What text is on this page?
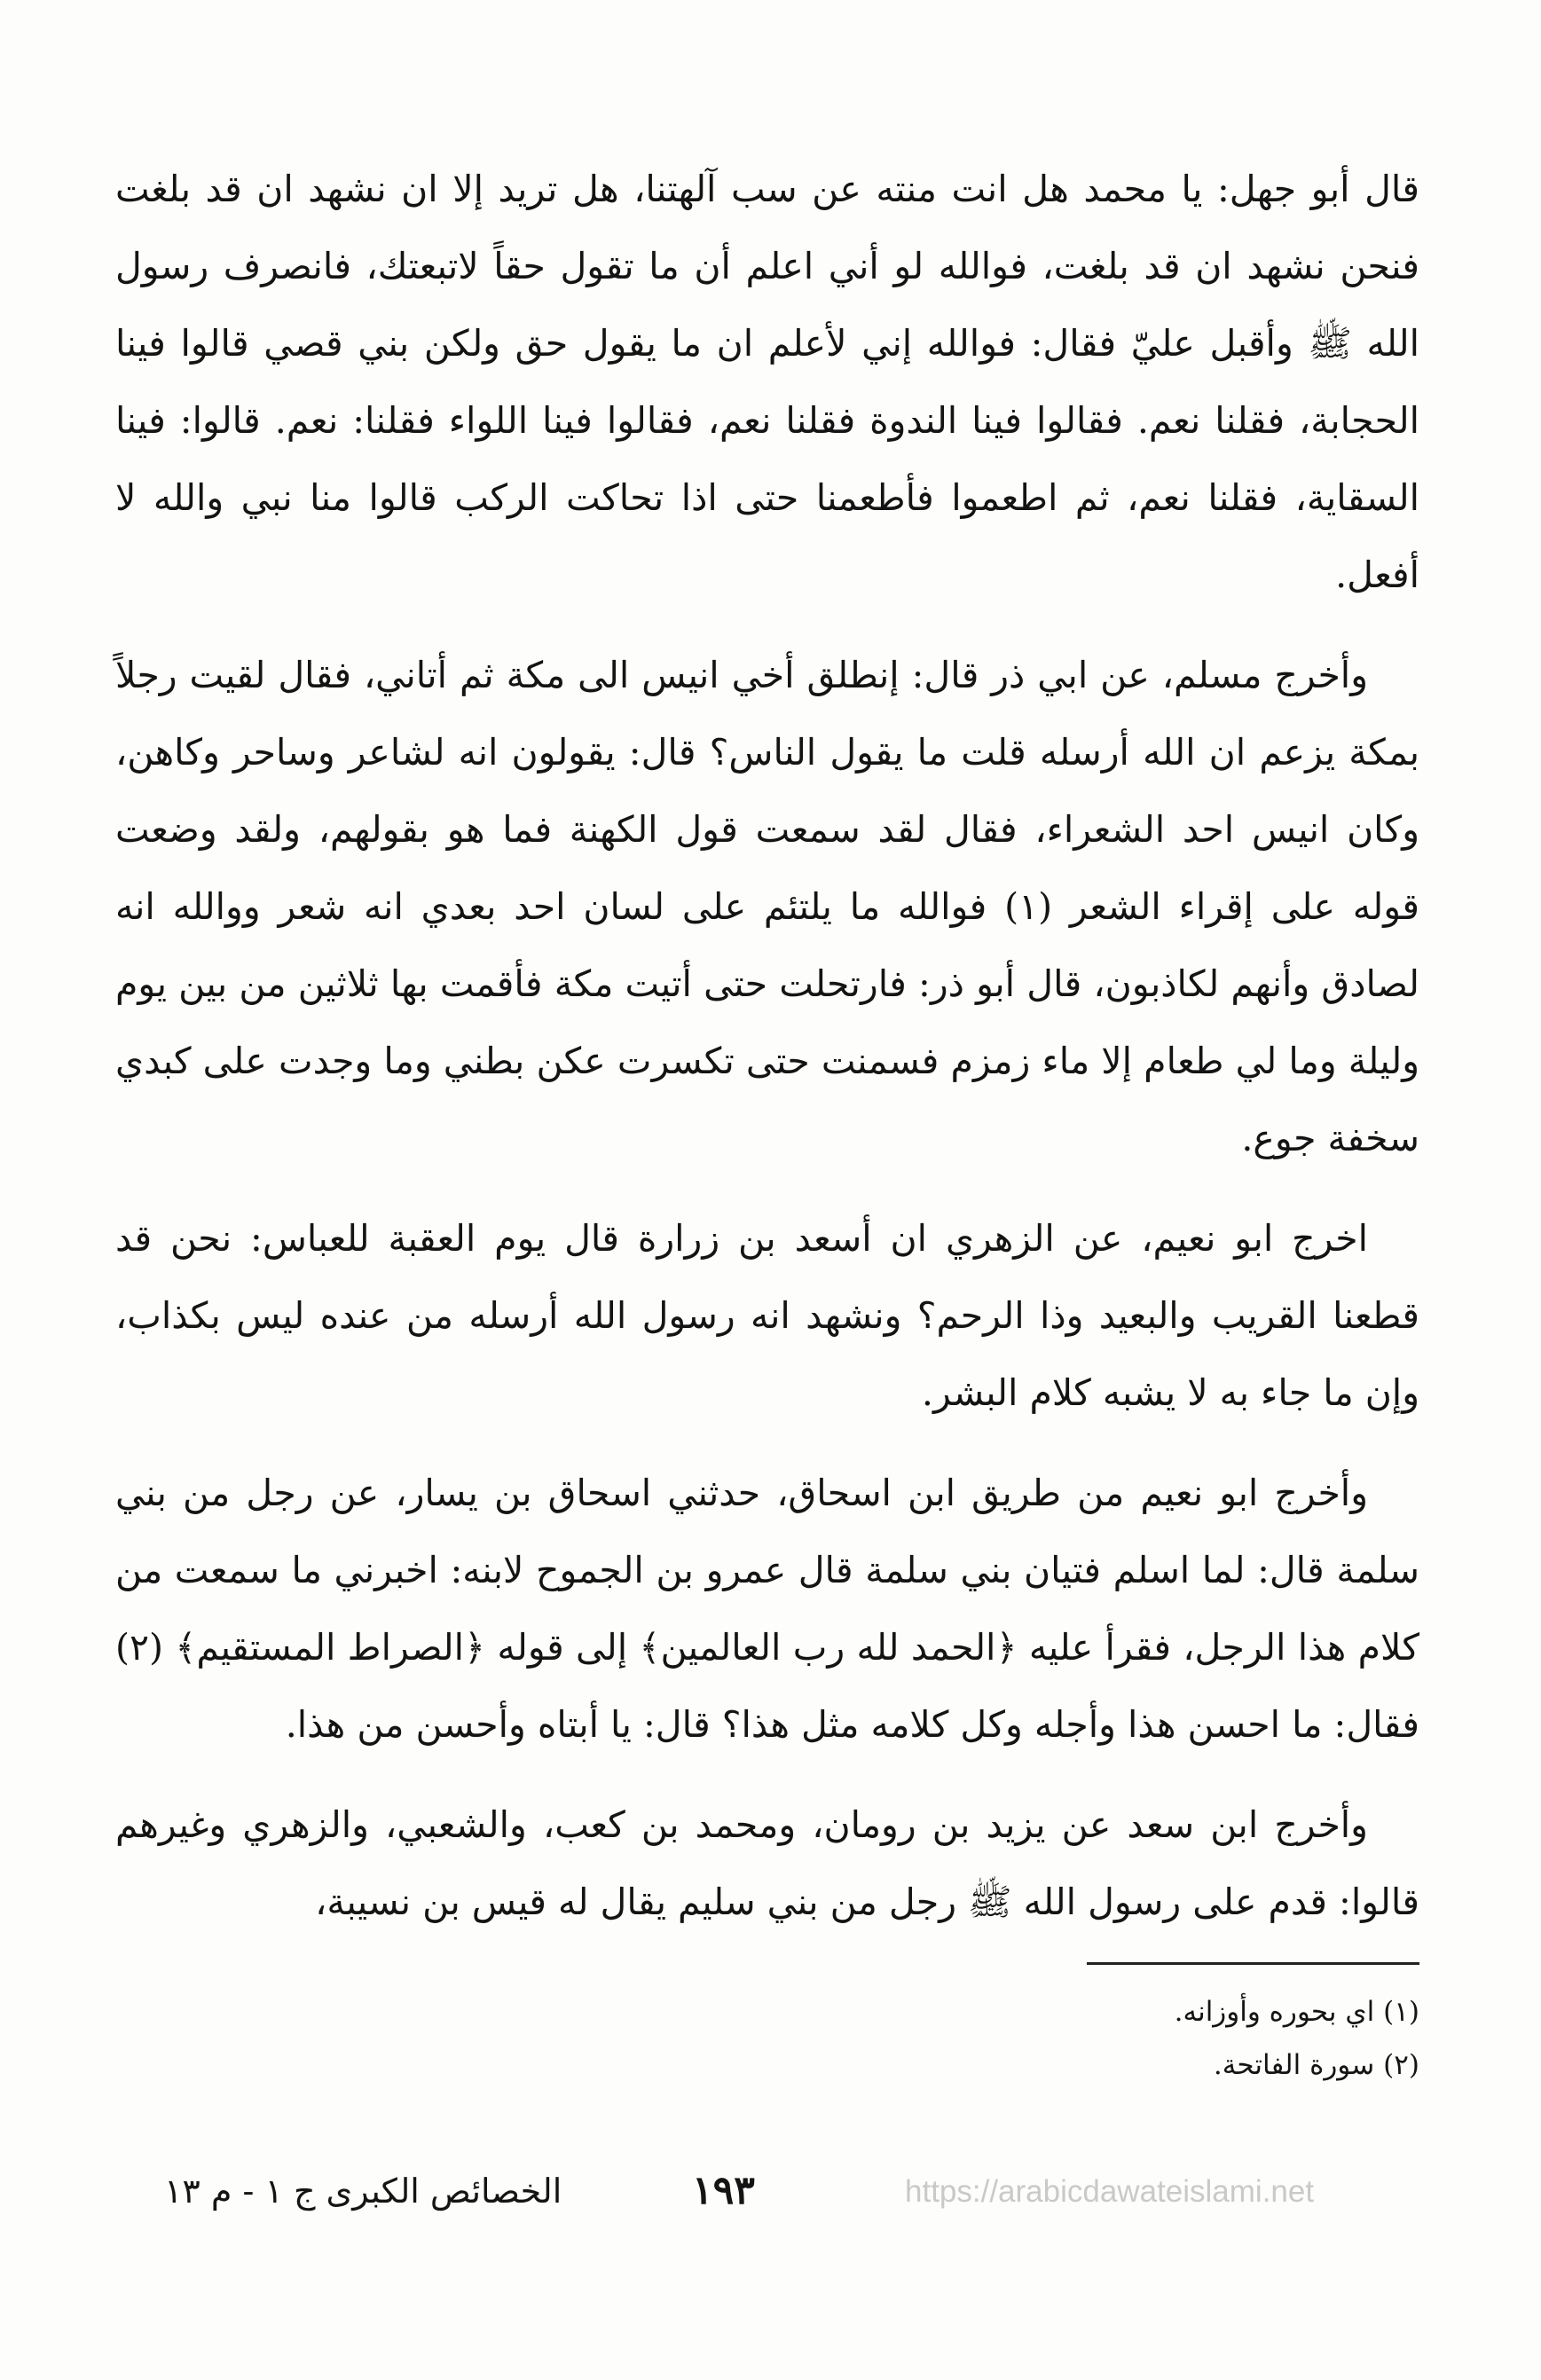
قال أبو جهل: يا محمد هل انت منته عن سب آلهتنا، هل تريد إلا ان نشهد ان قد بلغت فنحن نشهد ان قد بلغت، فوالله لو أني اعلم أن ما تقول حقاً لاتبعتك، فانصرف رسول الله ﷺ وأقبل عليّ فقال: فوالله إني لأعلم ان ما يقول حق ولكن بني قصي قالوا فينا الحجابة، فقلنا نعم. فقالوا فينا الندوة فقلنا نعم، فقالوا فينا اللواء فقلنا: نعم. قالوا: فينا السقاية، فقلنا نعم، ثم اطعموا فأطعمنا حتى اذا تحاكت الركب قالوا منا نبي والله لا أفعل.

وأخرج مسلم، عن ابي ذر قال: إنطلق أخي انيس الى مكة ثم أتاني، فقال لقيت رجلاً بمكة يزعم ان الله أرسله قلت ما يقول الناس؟ قال: يقولون انه لشاعر وساحر وكاهن، وكان انيس احد الشعراء، فقال لقد سمعت قول الكهنة فما هو بقولهم، ولقد وضعت قوله على إقراء الشعر (١) فوالله ما يلتئم على لسان احد بعدي انه شعر ووالله انه لصادق وأنهم لكاذبون، قال أبو ذر: فارتحلت حتى أتيت مكة فأقمت بها ثلاثين من بين يوم وليلة وما لي طعام إلا ماء زمزم فسمنت حتى تكسرت عكن بطني وما وجدت على كبدي سخفة جوع.

اخرج ابو نعيم، عن الزهري ان أسعد بن زرارة قال يوم العقبة للعباس: نحن قد قطعنا القريب والبعيد وذا الرحم؟ ونشهد انه رسول الله أرسله من عنده ليس بكذاب، وإن ما جاء به لا يشبه كلام البشر.

وأخرج ابو نعيم من طريق ابن اسحاق، حدثني اسحاق بن يسار، عن رجل من بني سلمة قال: لما اسلم فتيان بني سلمة قال عمرو بن الجموح لابنه: اخبرني ما سمعت من كلام هذا الرجل، فقرأ عليه ﴿الحمد لله رب العالمين﴾ إلى قوله ﴿الصراط المستقيم﴾ (٢) فقال: ما احسن هذا وأجله وكل كلامه مثل هذا؟ قال: يا أبتاه وأحسن من هذا.

وأخرج ابن سعد عن يزيد بن رومان، ومحمد بن كعب، والشعبي، والزهري وغيرهم قالوا: قدم على رسول الله ﷺ رجل من بني سليم يقال له قيس بن نسيبة،

(١) اي بحوره وأوزانه.

(٢) سورة الفاتحة.

الخصائص الكبرى ج ١ - م ١٣	١٩٣	https://arabicdawateislami.net
